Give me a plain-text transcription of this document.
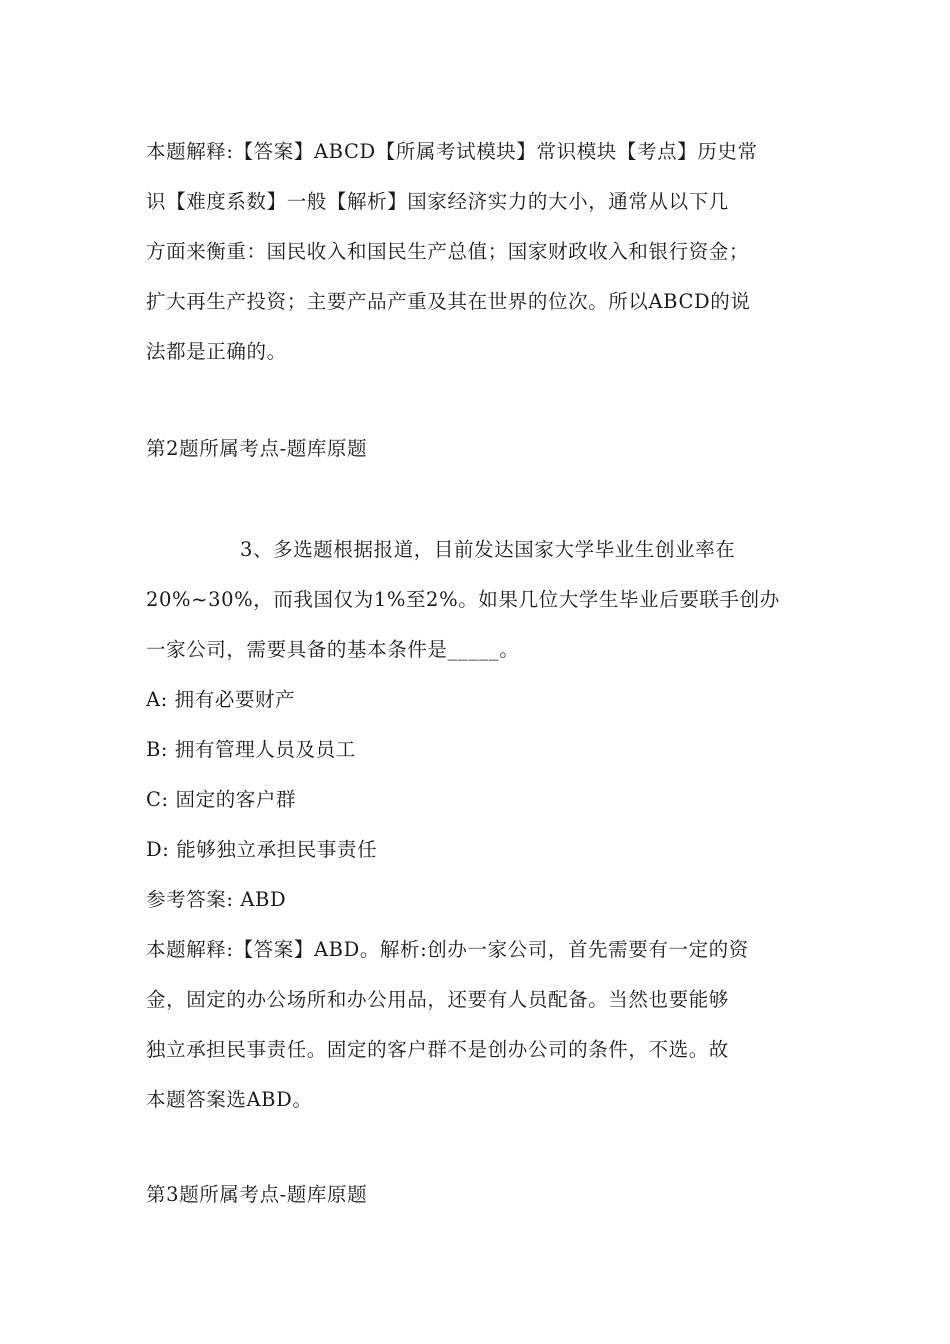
本题解释:【答案】ABCD【所属考试模块】常识模块【考点】历史常
识【难度系数】一般【解析】国家经济实力的大小，通常从以下几
方面来衡重：国民收入和国民生产总值；国家财政收入和银行资金；
扩大再生产投资；主要产品产重及其在世界的位次。所以ABCD的说
法都是正确的。
第2题所属考点-题库原题
3、多选题根据报道，目前发达国家大学毕业生创业率在
20%~30%，而我国仅为1%至2%。如果几位大学生毕业后要联手创办
一家公司，需要具备的基本条件是_____。
A: 拥有必要财产
B: 拥有管理人员及员工
C: 固定的客户群
D: 能够独立承担民事责任
参考答案: ABD
本题解释:【答案】ABD。解析:创办一家公司，首先需要有一定的资
金，固定的办公场所和办公用品，还要有人员配备。当然也要能够
独立承担民事责任。固定的客户群不是创办公司的条件，不选。故
本题答案选ABD。
第3题所属考点-题库原题
